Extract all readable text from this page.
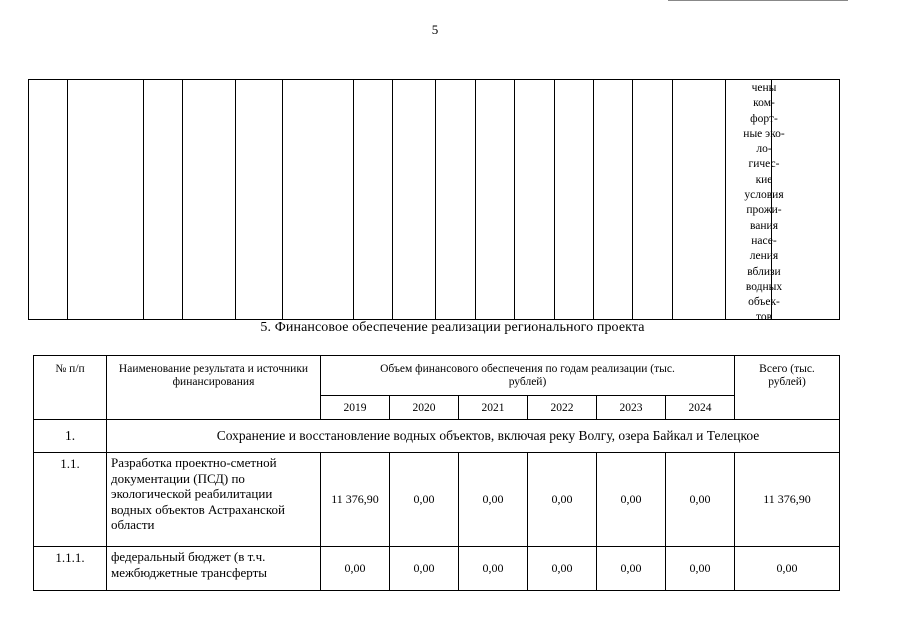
5
чены
ком-
форт-
ные эко-
ло-
гичес-
кие
условия
прожи-
вания
насе-
ления
вблизи
водных
объек-
тов
5. Финансовое обеспечение реализации регионального проекта
№ п/п	Наименование результата и источники финансирования	Объем финансового обеспечения по годам реализации (тыс. рублей)						Всего (тыс. рублей)
		2019	2020	2021	2022	2023	2024	
1.	Сохранение и восстановление водных объектов, включая реку Волгу, озера Байкал и Телецкое							
1.1.	Разработка проектно-сметной документации (ПСД) по экологической реабилитации водных объектов Астраханской области	11 376,90	0,00	0,00	0,00	0,00	0,00	11 376,90
1.1.1.	федеральный бюджет (в т.ч. межбюджетные трансферты	0,00	0,00	0,00	0,00	0,00	0,00	0,00
